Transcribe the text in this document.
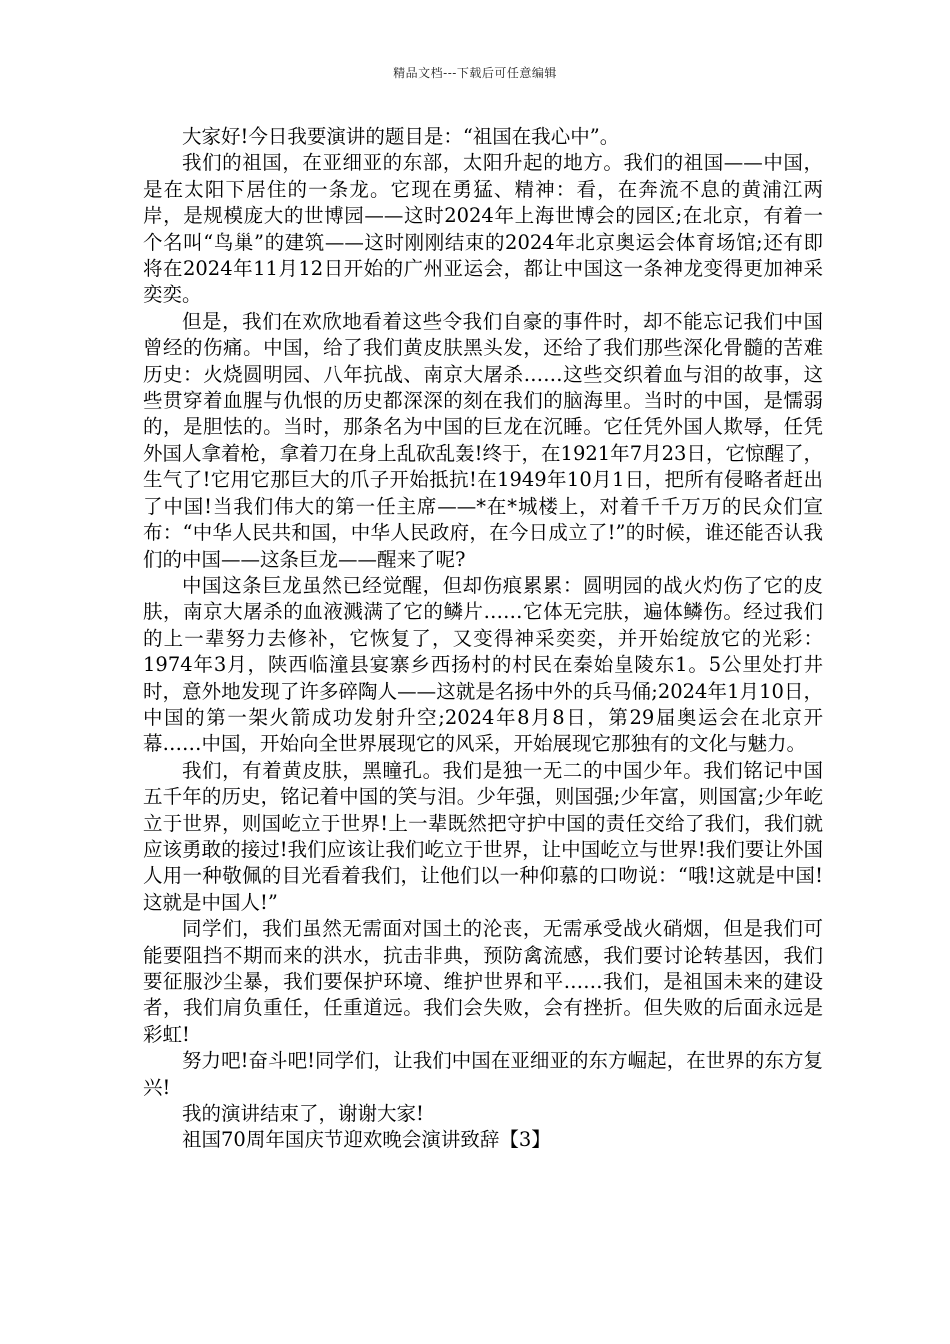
精品文档---下载后可任意编辑

大家好!今日我要演讲的题目是：“祖国在我心中”。

我们的祖国，在亚细亚的东部，太阳升起的地方。我们的祖国——中国，是在太阳下居住的一条龙。它现在勇猛、精神：看，在奔流不息的黄浦江两岸，是规模庞大的世博园——这时2024年上海世博会的园区;在北京，有着一个名叫“鸟巢”的建筑——这时刚刚结束的2024年北京奥运会体育场馆;还有即将在2024年11月12日开始的广州亚运会，都让中国这一条神龙变得更加神采奕奕。

但是，我们在欢欣地看着这些令我们自豪的事件时，却不能忘记我们中国曾经的伤痛。中国，给了我们黄皮肤黑头发，还给了我们那些深化骨髓的苦难历史：火烧圆明园、八年抗战、南京大屠杀……这些交织着血与泪的故事，这些贯穿着血腥与仇恨的历史都深深的刻在我们的脑海里。当时的中国，是懦弱的，是胆怯的。当时，那条名为中国的巨龙在沉睡。它任凭外国人欺辱，任凭外国人拿着枪，拿着刀在身上乱砍乱轰!终于，在1921年7月23日，它惊醒了，生气了!它用它那巨大的爪子开始抵抗!在1949年10月1日，把所有侵略者赶出了中国!当我们伟大的第一任主席——*在*城楼上，对着千千万万的民众们宣布：“中华人民共和国，中华人民政府，在今日成立了!”的时候，谁还能否认我们的中国——这条巨龙——醒来了呢?

中国这条巨龙虽然已经觉醒，但却伤痕累累：圆明园的战火灼伤了它的皮肤，南京大屠杀的血液溅满了它的鳞片……它体无完肤，遍体鳞伤。经过我们的上一辈努力去修补，它恢复了，又变得神采奕奕，并开始绽放它的光彩：1974年3月，陕西临潼县宴寨乡西扬村的村民在秦始皇陵东1。5公里处打井时，意外地发现了许多碎陶人——这就是名扬中外的兵马俑;2024年1月10日，中国的第一架火箭成功发射升空;2024年8月8日，第29届奥运会在北京开幕……中国，开始向全世界展现它的风采，开始展现它那独有的文化与魅力。

我们，有着黄皮肤，黑瞳孔。我们是独一无二的中国少年。我们铭记中国五千年的历史，铭记着中国的笑与泪。少年强，则国强;少年富，则国富;少年屹立于世界，则国屹立于世界!上一辈既然把守护中国的责任交给了我们，我们就应该勇敢的接过!我们应该让我们屹立于世界，让中国屹立与世界!我们要让外国人用一种敬佩的目光看着我们，让他们以一种仰慕的口吻说：“哦!这就是中国!这就是中国人!”

同学们，我们虽然无需面对国土的沦丧，无需承受战火硝烟，但是我们可能要阻挡不期而来的洪水，抗击非典，预防禽流感，我们要讨论转基因，我们要征服沙尘暴，我们要保护环境、维护世界和平……我们，是祖国未来的建设者，我们肩负重任，任重道远。我们会失败，会有挫折。但失败的后面永远是彩虹!

努力吧!奋斗吧!同学们，让我们中国在亚细亚的东方崛起，在世界的东方复兴!

我的演讲结束了，谢谢大家!

祖国70周年国庆节迎欢晚会演讲致辞【3】
